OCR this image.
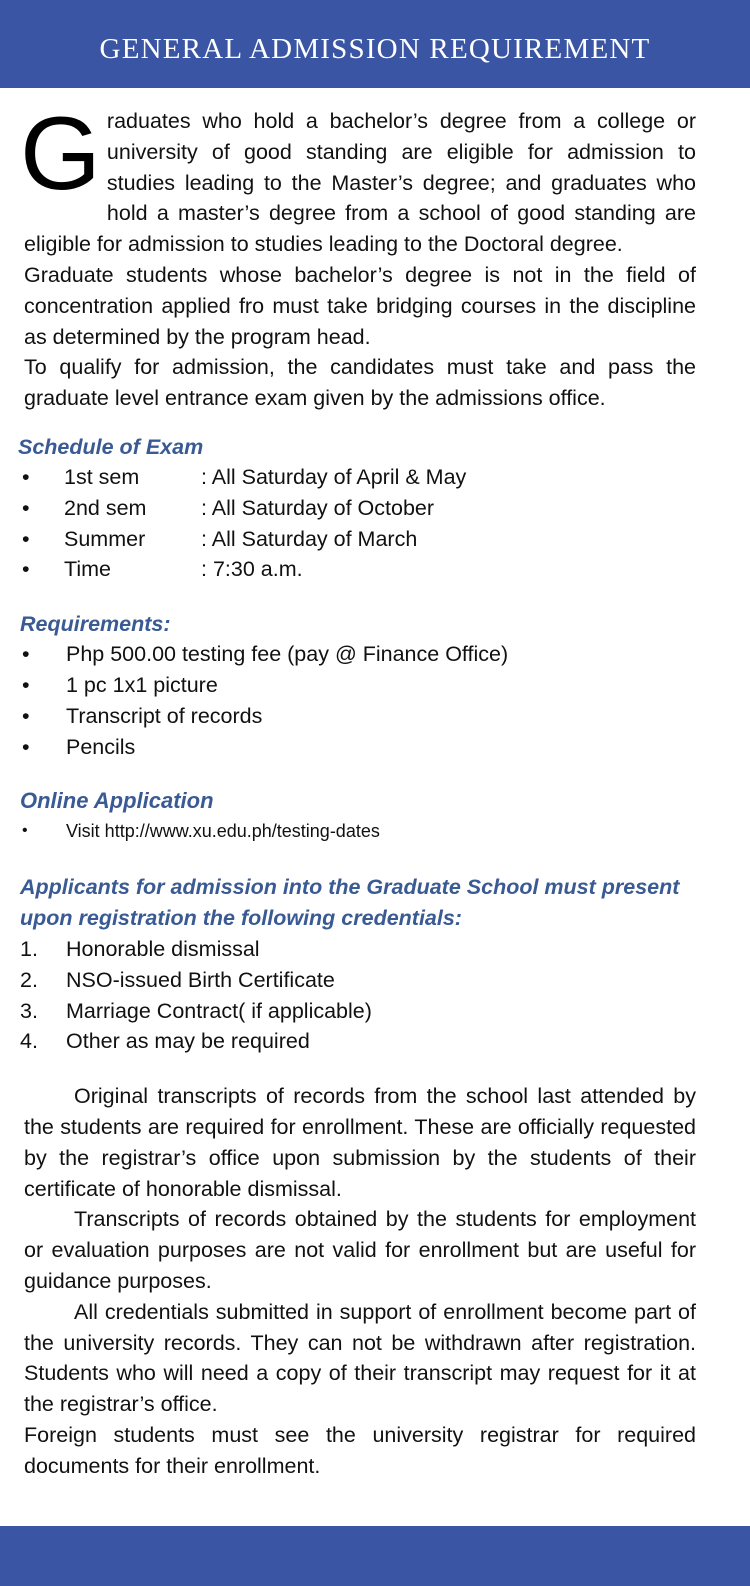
GENERAL ADMISSION REQUIREMENT

Graduates who hold a bachelor’s degree from a college or university of good standing are eligible for admission to studies leading to the Master’s degree; and graduates who hold a master’s degree from a school of good standing are eligible for admission to studies leading to the Doctoral degree.

Graduate students whose bachelor’s degree is not in the field of concentration applied fro must take bridging courses in the discipline as determined by the program head.

To qualify for admission, the candidates must take and pass the graduate level entrance exam given by the admissions office.

Schedule of Exam
• 1st sem	: All Saturday of April & May
• 2nd sem	: All Saturday of October
• Summer	: All Saturday of March
• Time	: 7:30 a.m.
Requirements:
• Php 500.00 testing fee (pay @ Finance Office)
• 1 pc 1x1 picture
• Transcript of records
• Pencils
Online Application
• Visit http://www.xu.edu.ph/testing-dates
Applicants for admission into the Graduate School must present upon registration the following credentials:
1. Honorable dismissal
2. NSO-issued Birth Certificate
3. Marriage Contract( if applicable)
4. Other as may be required

Original transcripts of records from the school last attended by the students are required for enrollment. These are officially requested by the registrar’s office upon submission by the students of their certificate of honorable dismissal.

Transcripts of records obtained by the students for employment or evaluation purposes are not valid for enrollment but are useful for guidance purposes.

All credentials submitted in support of enrollment become part of the university records. They can not be withdrawn after registration. Students who will need a copy of their transcript may request for it at the registrar’s office.

Foreign students must see the university registrar for required documents for their enrollment.
